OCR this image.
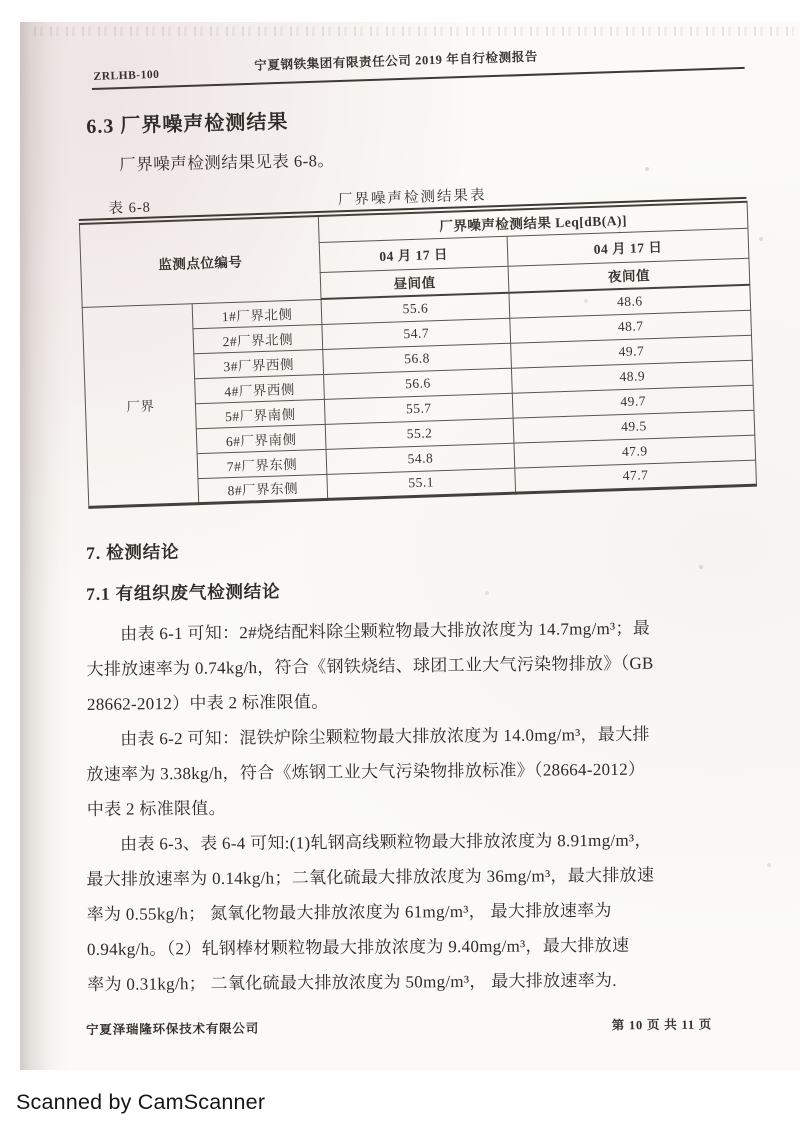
ZRLHB-100
宁夏钢铁集团有限责任公司 2019 年自行检测报告
6.3 厂界噪声检测结果
厂界噪声检测结果见表 6-8。
表 6-8	厂界噪声检测结果表
监测点位编号		厂界噪声检测结果 Leq[dB(A)]	
		04 月 17 日	04 月 17 日
		昼间值	夜间值
厂界	1#厂界北侧	55.6	48.6
	2#厂界北侧	54.7	48.7
	3#厂界西侧	56.8	49.7
	4#厂界西侧	56.6	48.9
	5#厂界南侧	55.7	49.7
	6#厂界南侧	55.2	49.5
	7#厂界东侧	54.8	47.9
	8#厂界东侧	55.1	47.7
7. 检测结论
7.1 有组织废气检测结论
由表 6-1 可知：2#烧结配料除尘颗粒物最大排放浓度为 14.7mg/m³；最
大排放速率为 0.74kg/h，符合《钢铁烧结、球团工业大气污染物排放》（GB
28662-2012）中表 2 标准限值。
由表 6-2 可知：混铁炉除尘颗粒物最大排放浓度为 14.0mg/m³，最大排
放速率为 3.38kg/h，符合《炼钢工业大气污染物排放标准》（28664-2012）
中表 2 标准限值。
由表 6-3、表 6-4 可知:(1)轧钢高线颗粒物最大排放浓度为 8.91mg/m³，
最大排放速率为 0.14kg/h；二氧化硫最大排放浓度为 36mg/m³，最大排放速
率为 0.55kg/h； 氮氧化物最大排放浓度为 61mg/m³， 最大排放速率为
0.94kg/h。（2）轧钢棒材颗粒物最大排放浓度为 9.40mg/m³，最大排放速
率为 0.31kg/h； 二氧化硫最大排放浓度为 50mg/m³， 最大排放速率为.
宁夏泽瑞隆环保技术有限公司	第 10 页 共 11 页
Scanned by CamScanner
